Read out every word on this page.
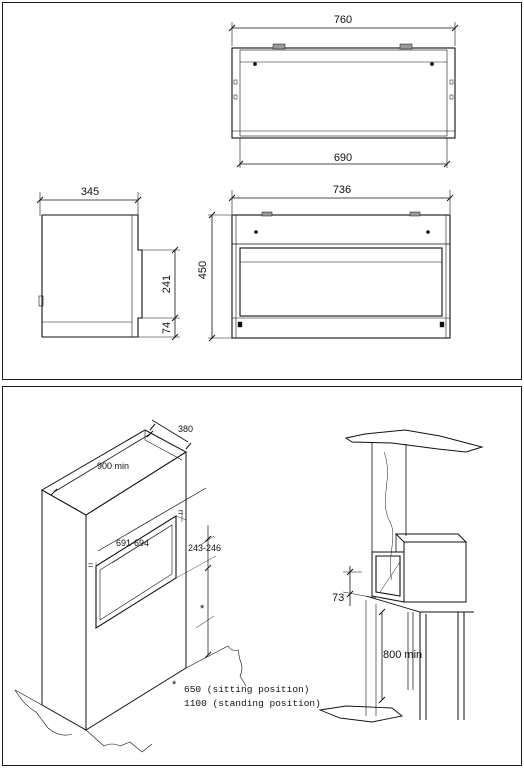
760
690
345	736
450
241
74
380
900 min
691-694	243-246
=
=
*
* 650 (sitting position)
1100 (standing position)
73
800 min
